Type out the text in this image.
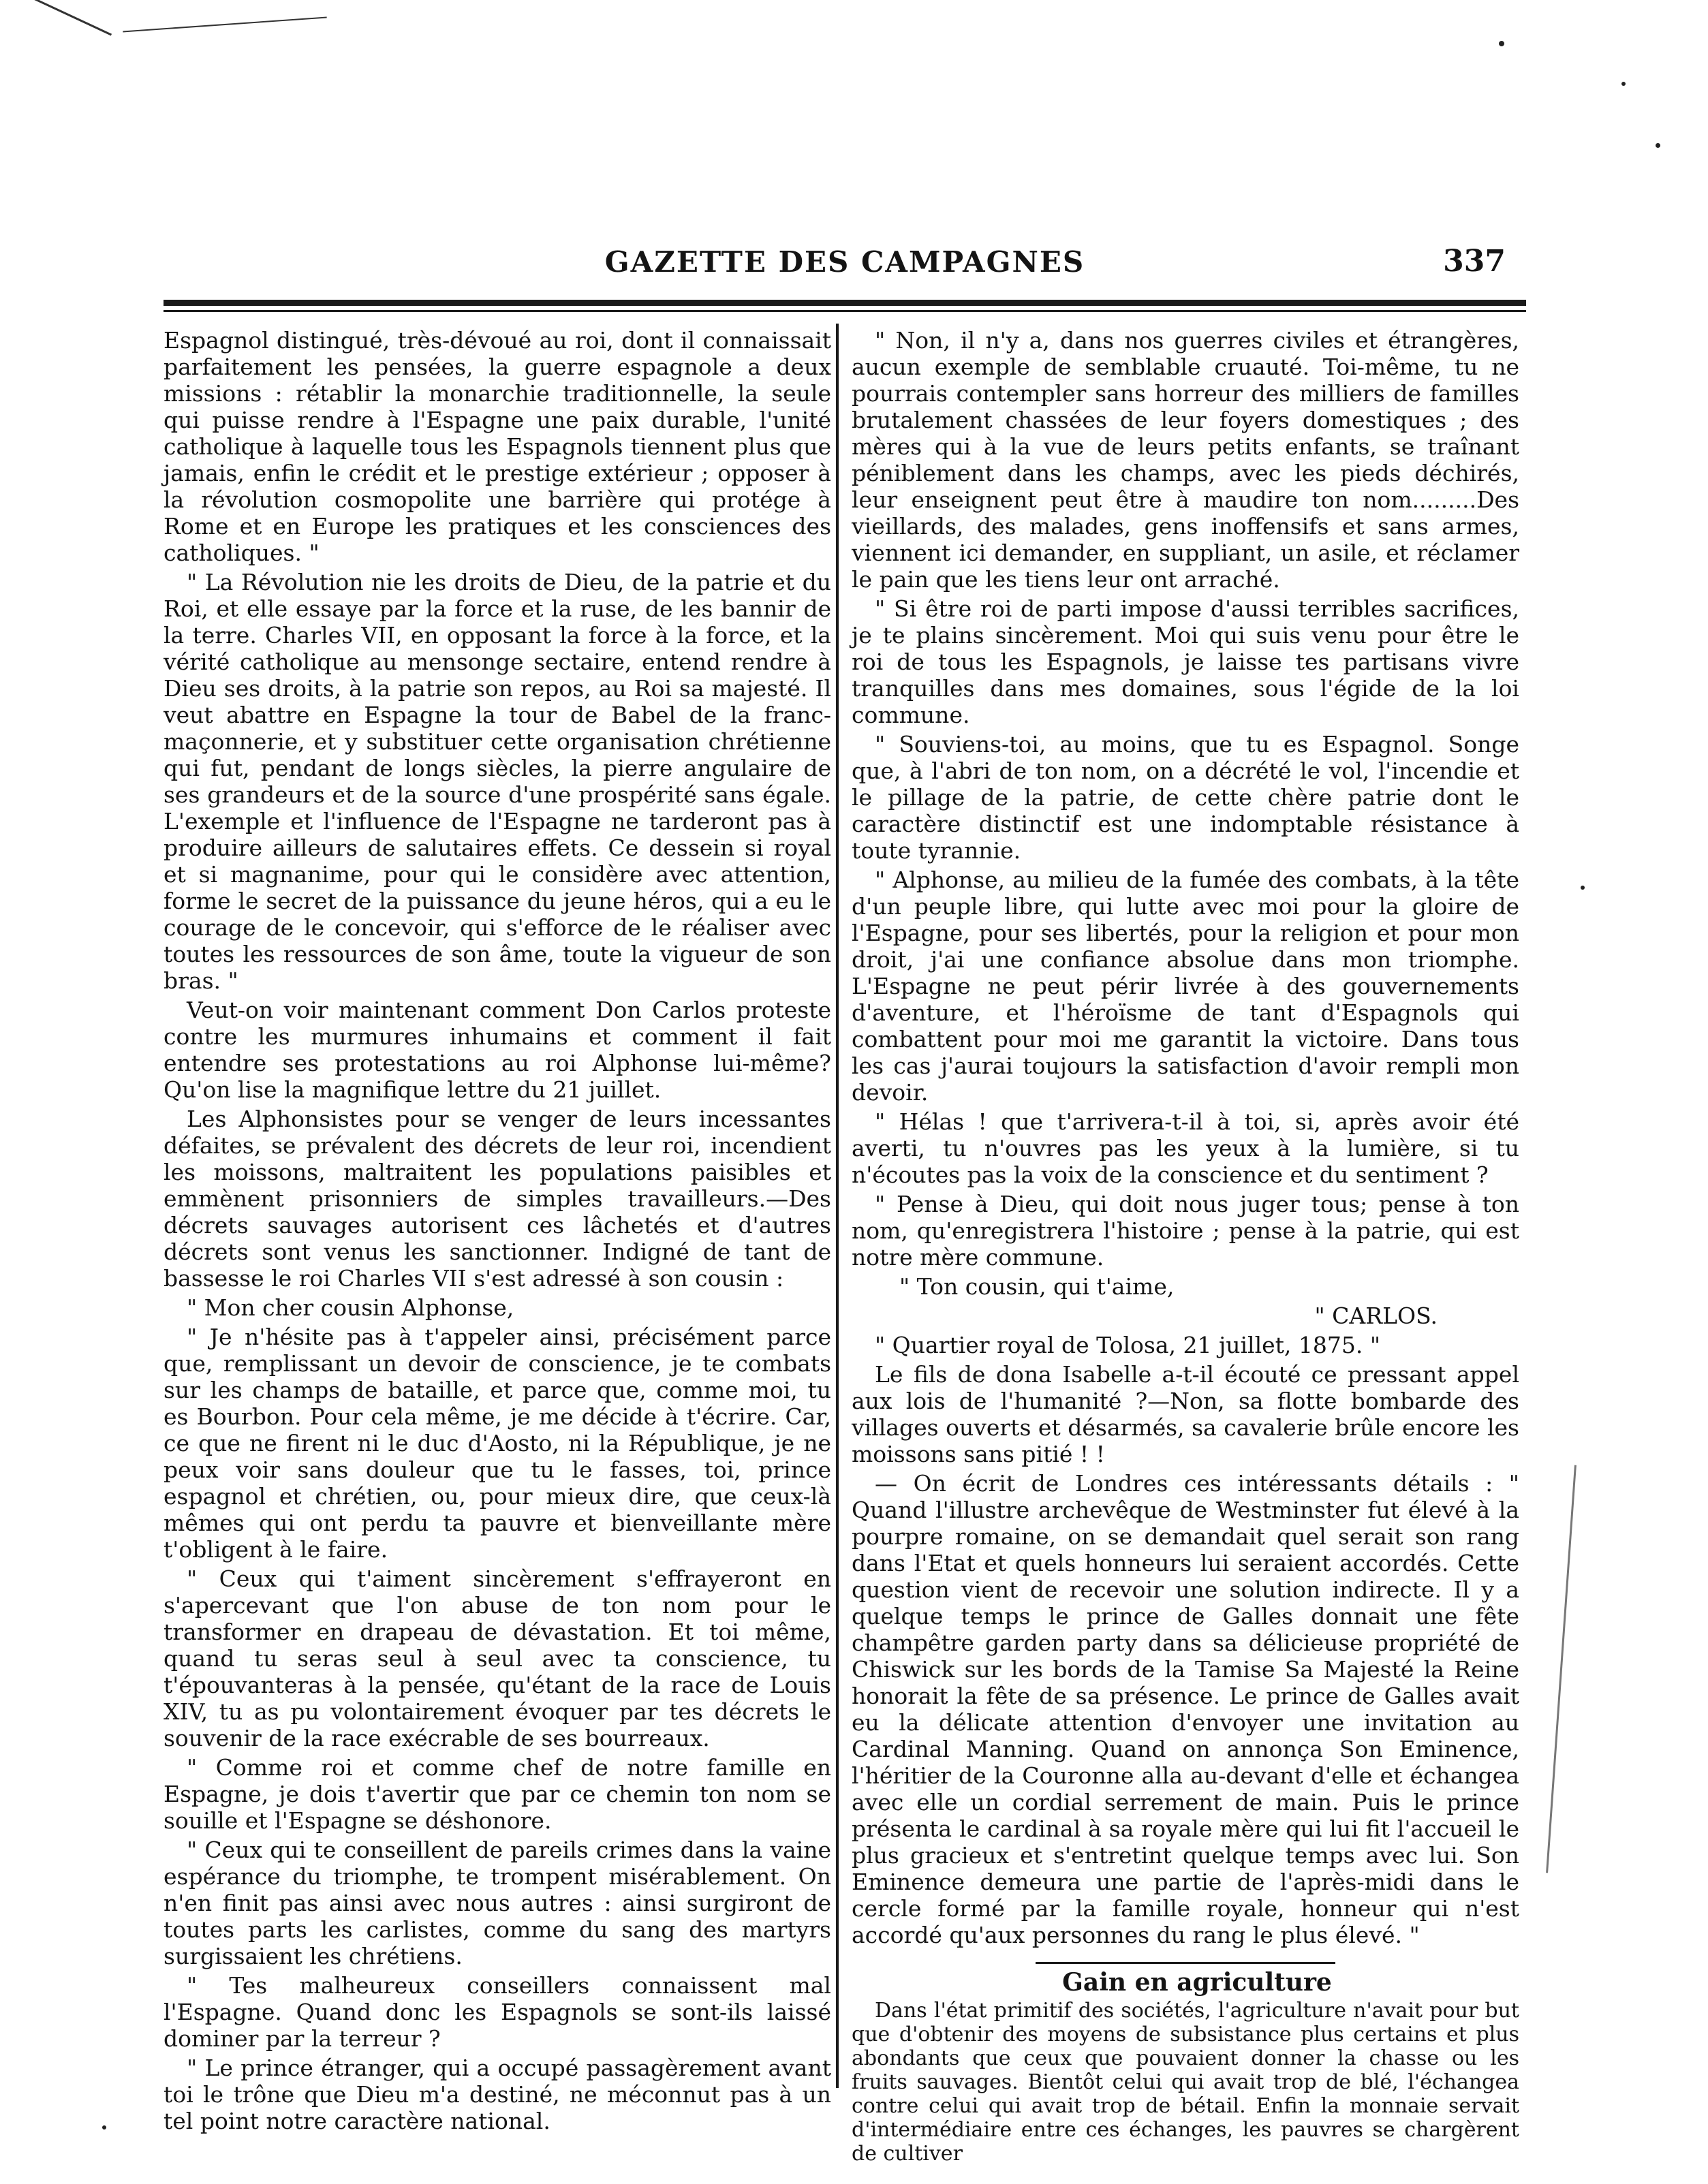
GAZETTE DES CAMPAGNES	337

Espagnol distingué, très-dévoué au roi, dont il connaissait parfaitement les pensées, la guerre espagnole a deux missions : rétablir la monarchie traditionnelle, la seule qui puisse rendre à l'Espagne une paix durable, l'unité catholique à laquelle tous les Espagnols tiennent plus que jamais, enfin le crédit et le prestige extérieur ; opposer à la révolution cosmopolite une barrière qui protége à Rome et en Europe les pratiques et les consciences des catholiques. "

" La Révolution nie les droits de Dieu, de la patrie et du Roi, et elle essaye par la force et la ruse, de les bannir de la terre. Charles VII, en opposant la force à la force, et la vérité catholique au mensonge sectaire, entend rendre à Dieu ses droits, à la patrie son repos, au Roi sa majesté. Il veut abattre en Espagne la tour de Babel de la franc-maçonnerie, et y substituer cette organisation chrétienne qui fut, pendant de longs siècles, la pierre angulaire de ses grandeurs et de la source d'une prospérité sans égale. L'exemple et l'influence de l'Espagne ne tarderont pas à produire ailleurs de salutaires effets. Ce dessein si royal et si magnanime, pour qui le considère avec attention, forme le secret de la puissance du jeune héros, qui a eu le courage de le concevoir, qui s'efforce de le réaliser avec toutes les ressources de son âme, toute la vigueur de son bras. "

Veut-on voir maintenant comment Don Carlos proteste contre les murmures inhumains et comment il fait entendre ses protestations au roi Alphonse lui-même? Qu'on lise la magnifique lettre du 21 juillet.

Les Alphonsistes pour se venger de leurs incessantes défaites, se prévalent des décrets de leur roi, incendient les moissons, maltraitent les populations paisibles et emmènent prisonniers de simples travailleurs.—Des décrets sauvages autorisent ces lâchetés et d'autres décrets sont venus les sanctionner. Indigné de tant de bassesse le roi Charles VII s'est adressé à son cousin :

" Mon cher cousin Alphonse,

" Je n'hésite pas à t'appeler ainsi, précisément parce que, remplissant un devoir de conscience, je te combats sur les champs de bataille, et parce que, comme moi, tu es Bourbon. Pour cela même, je me décide à t'écrire. Car, ce que ne firent ni le duc d'Aosto, ni la République, je ne peux voir sans douleur que tu le fasses, toi, prince espagnol et chrétien, ou, pour mieux dire, que ceux-là mêmes qui ont perdu ta pauvre et bienveillante mère t'obligent à le faire.

" Ceux qui t'aiment sincèrement s'effrayeront en s'apercevant que l'on abuse de ton nom pour le transformer en drapeau de dévastation. Et toi même, quand tu seras seul à seul avec ta conscience, tu t'épouvanteras à la pensée, qu'étant de la race de Louis XIV, tu as pu volontairement évoquer par tes décrets le souvenir de la race exécrable de ses bourreaux.

" Comme roi et comme chef de notre famille en Espagne, je dois t'avertir que par ce chemin ton nom se souille et l'Espagne se déshonore.

" Ceux qui te conseillent de pareils crimes dans la vaine espérance du triomphe, te trompent misérablement. On n'en finit pas ainsi avec nous autres : ainsi surgiront de toutes parts les carlistes, comme du sang des martyrs surgissaient les chrétiens.

" Tes malheureux conseillers connaissent mal l'Espagne. Quand donc les Espagnols se sont-ils laissé dominer par la terreur ?

" Le prince étranger, qui a occupé passagèrement avant toi le trône que Dieu m'a destiné, ne méconnut pas à un tel point notre caractère national.

" Non, il n'y a, dans nos guerres civiles et étrangères, aucun exemple de semblable cruauté. Toi-même, tu ne pourrais contempler sans horreur des milliers de familles brutalement chassées de leur foyers domestiques ; des mères qui à la vue de leurs petits enfants, se traînant péniblement dans les champs, avec les pieds déchirés, leur enseignent peut être à maudire ton nom.........Des vieillards, des malades, gens inoffensifs et sans armes, viennent ici demander, en suppliant, un asile, et réclamer le pain que les tiens leur ont arraché.

" Si être roi de parti impose d'aussi terribles sacrifices, je te plains sincèrement. Moi qui suis venu pour être le roi de tous les Espagnols, je laisse tes partisans vivre tranquilles dans mes domaines, sous l'égide de la loi commune.

" Souviens-toi, au moins, que tu es Espagnol. Songe que, à l'abri de ton nom, on a décrété le vol, l'incendie et le pillage de la patrie, de cette chère patrie dont le caractère distinctif est une indomptable résistance à toute tyrannie.

" Alphonse, au milieu de la fumée des combats, à la tête d'un peuple libre, qui lutte avec moi pour la gloire de l'Espagne, pour ses libertés, pour la religion et pour mon droit, j'ai une confiance absolue dans mon triomphe. L'Espagne ne peut périr livrée à des gouvernements d'aventure, et l'héroïsme de tant d'Espagnols qui combattent pour moi me garantit la victoire. Dans tous les cas j'aurai toujours la satisfaction d'avoir rempli mon devoir.

" Hélas ! que t'arrivera-t-il à toi, si, après avoir été averti, tu n'ouvres pas les yeux à la lumière, si tu n'écoutes pas la voix de la conscience et du sentiment ?

" Pense à Dieu, qui doit nous juger tous; pense à ton nom, qu'enregistrera l'histoire ; pense à la patrie, qui est notre mère commune.

" Ton cousin, qui t'aime,

" CARLOS.

" Quartier royal de Tolosa, 21 juillet, 1875. "

Le fils de dona Isabelle a-t-il écouté ce pressant appel aux lois de l'humanité ?—Non, sa flotte bombarde des villages ouverts et désarmés, sa cavalerie brûle encore les moissons sans pitié ! !

— On écrit de Londres ces intéressants détails : " Quand l'illustre archevêque de Westminster fut élevé à la pourpre romaine, on se demandait quel serait son rang dans l'Etat et quels honneurs lui seraient accordés. Cette question vient de recevoir une solution indirecte. Il y a quelque temps le prince de Galles donnait une fête champêtre garden party dans sa délicieuse propriété de Chiswick sur les bords de la Tamise Sa Majesté la Reine honorait la fête de sa présence. Le prince de Galles avait eu la délicate attention d'envoyer une invitation au Cardinal Manning. Quand on annonça Son Eminence, l'héritier de la Couronne alla au-devant d'elle et échangea avec elle un cordial serrement de main. Puis le prince présenta le cardinal à sa royale mère qui lui fit l'accueil le plus gracieux et s'entretint quelque temps avec lui. Son Eminence demeura une partie de l'après-midi dans le cercle formé par la famille royale, honneur qui n'est accordé qu'aux personnes du rang le plus élevé. "

Gain en agriculture

Dans l'état primitif des sociétés, l'agriculture n'avait pour but que d'obtenir des moyens de subsistance plus certains et plus abondants que ceux que pouvaient donner la chasse ou les fruits sauvages. Bientôt celui qui avait trop de blé, l'échangea contre celui qui avait trop de bétail. Enfin la monnaie servait d'intermédiaire entre ces échanges, les pauvres se chargèrent de cultiver
